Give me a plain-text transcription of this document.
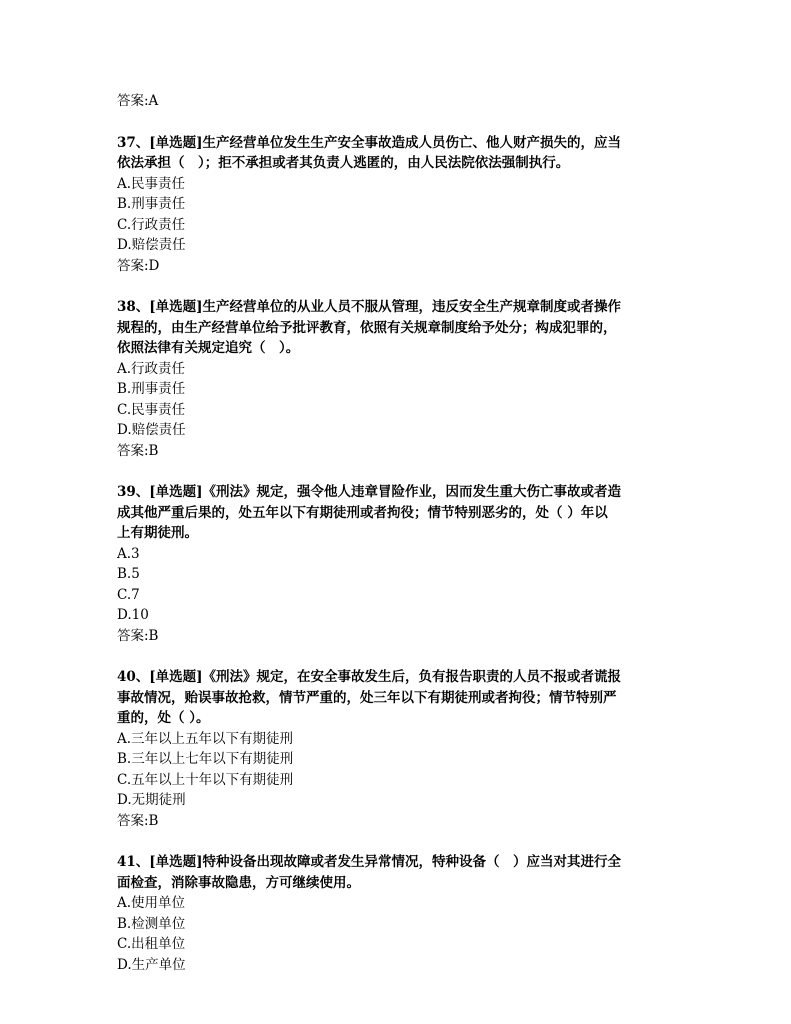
答案:A
37、[单选题]生产经营单位发生生产安全事故造成人员伤亡、他人财产损失的，应当
依法承担（　）；拒不承担或者其负责人逃匿的，由人民法院依法强制执行。
A.民事责任
B.刑事责任
C.行政责任
D.赔偿责任
答案:D
38、[单选题]生产经营单位的从业人员不服从管理，违反安全生产规章制度或者操作
规程的，由生产经营单位给予批评教育，依照有关规章制度给予处分；构成犯罪的，
依照法律有关规定追究（　）。
A.行政责任
B.刑事责任
C.民事责任
D.赔偿责任
答案:B
39、[单选题]《刑法》规定，强令他人违章冒险作业，因而发生重大伤亡事故或者造
成其他严重后果的，处五年以下有期徒刑或者拘役；情节特别恶劣的，处（ ）年以
上有期徒刑。
A.3
B.5
C.7
D.10
答案:B
40、[单选题]《刑法》规定，在安全事故发生后，负有报告职责的人员不报或者谎报
事故情况，贻误事故抢救，情节严重的，处三年以下有期徒刑或者拘役；情节特别严
重的，处（ ）。
A.三年以上五年以下有期徒刑
B.三年以上七年以下有期徒刑
C.五年以上十年以下有期徒刑
D.无期徒刑
答案:B
41、[单选题]特种设备出现故障或者发生异常情况，特种设备（　）应当对其进行全
面检查，消除事故隐患，方可继续使用。
A.使用单位
B.检测单位
C.出租单位
D.生产单位
